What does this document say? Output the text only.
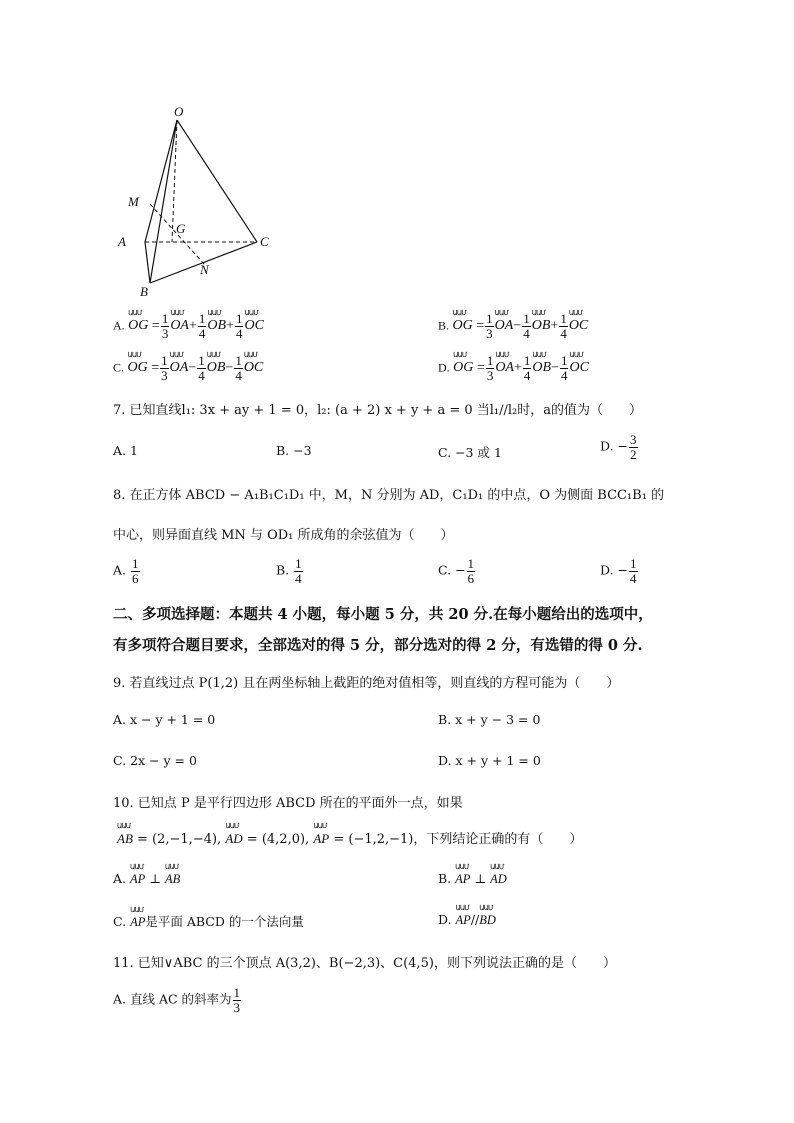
O
M
G
A	C
N
B
A. ԱԱՄ OG = $\frac{1}{3}$ ԱԱՄ $OA+ \frac{1}{4}$ ԱԱՄ $OB+ \frac{1}{4}$ ԱԱՄ OC	B. ԱԱՄ OG = $\frac{1}{3}$ ԱԱՄ $OA- \frac{1}{4}$ ԱԱՄ $OB+ \frac{1}{4}$ ԱԱՄ OC
C. ԱԱՄ OG = $\frac{1}{3}$ ԱԱՄ $OA- \frac{1}{4}$ ԱԱՄ $OB- \frac{1}{4}$ ԱԱՄ OC	D. ԱԱՄ OG = $\frac{1}{3}$ ԱԱՄ $OA+ \frac{1}{4}$ ԱԱՄ $OB- \frac{1}{4}$ ԱԱՄ OC
7. 已知直线l₁: 3x + ay + 1 = 0，l₂: (a + 2) x + y + a = 0 当l₁//l₂时，a的值为（　　）
A. 1	B. −3	C. −3 或 1	D. − $\frac{3}{2}$
8. 在正方体 ABCD − A₁B₁C₁D₁ 中，M，N 分别为 AD，C₁D₁ 的中点，O 为侧面 BCC₁B₁ 的
中心，则异面直线 MN 与 OD₁ 所成角的余弦值为（　　）
A. $\frac{1}{6}$	B. $\frac{1}{4}$	C. − $\frac{1}{6}$	D. − $\frac{1}{4}$
二、多项选择题：本题共 4 小题，每小题 5 分，共 20 分.在每小题给出的选项中，
有多项符合题目要求，全部选对的得 5 分，部分选对的得 2 分，有选错的得 0 分.
9. 若直线过点 P(1,2) 且在两坐标轴上截距的绝对值相等，则直线的方程可能为（　　）
A. x − y + 1 = 0	B. x + y − 3 = 0
C. 2x − y = 0	D. x + y + 1 = 0
10. 已知点 P 是平行四边形 ABCD 所在的平面外一点，如果
ԱԱՄ AB = (2,−1,−4), ԱԱՄ AD = (4,2,0), ԱԱՄ AP = (−1,2,−1)，下列结论正确的有（　　）
A. ԱԱՄ AP ⊥ ԱԱՄ AB	B. ԱԱՄ AP ⊥ ԱԱՄ AD
C. ԱԱՄ AP是平面 ABCD 的一个法向量	D. ԱԱՄ AP//ԱԱՄ BD
11. 已知∨ABC 的三个顶点 A(3,2)、B(−2,3)、C(4,5)，则下列说法正确的是（　　）
A. 直线 AC 的斜率为 $\frac{1}{3}$
